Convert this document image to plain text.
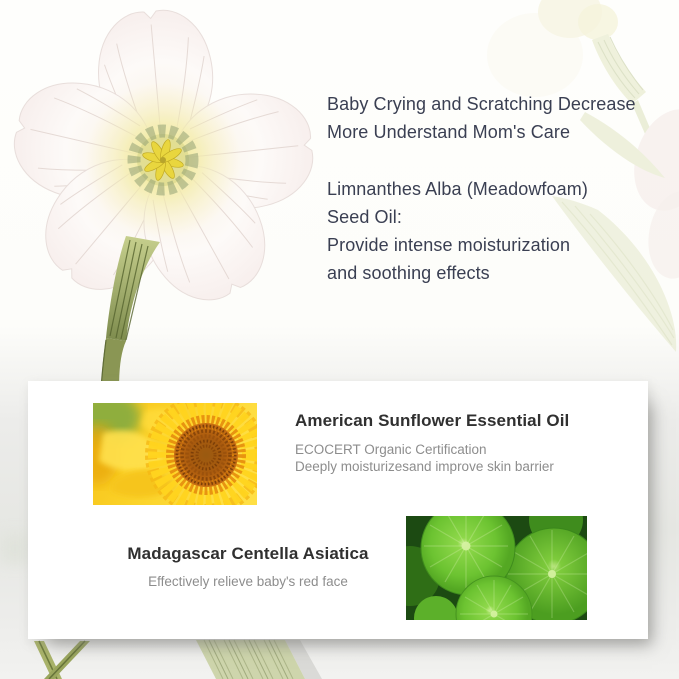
Baby Crying and Scratching Decrease
More Understand Mom's Care
Limnanthes Alba (Meadowfoam)
Seed Oil:
Provide intense moisturization
and soothing effects
American Sunflower Essential Oil
ECOCERT Organic Certification
Deeply moisturizesand improve skin barrier
Madagascar Centella Asiatica
Effectively relieve baby's red face
